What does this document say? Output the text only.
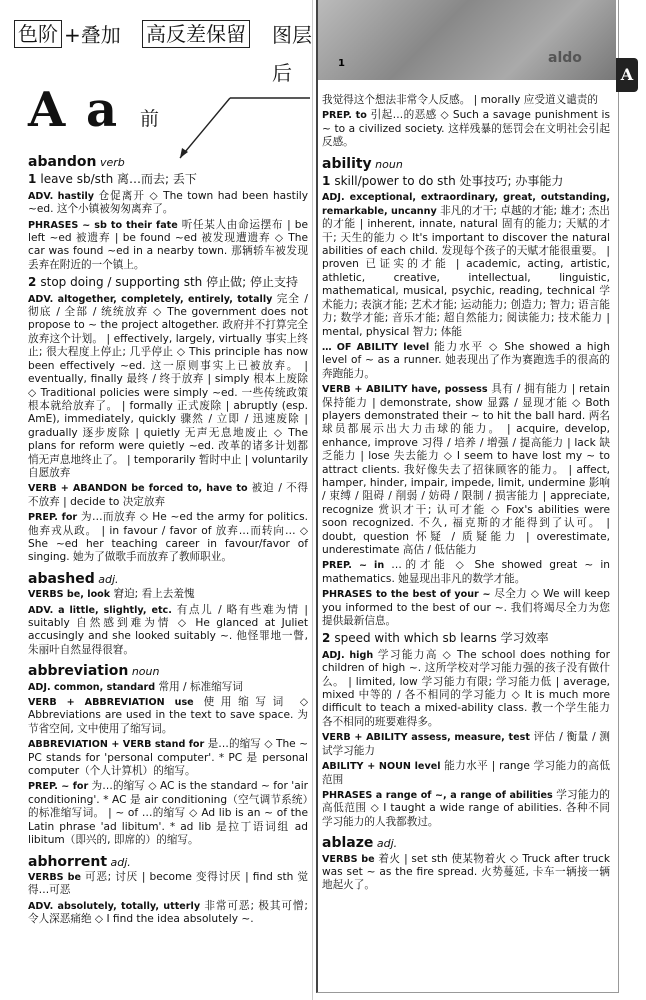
1	aldo
A
色阶 +叠加 高反差保留 图层
后
A a 前
abandon verb
1 leave sb/sth 离…而去; 丢下
ADV. hastily 仓促离开 ◇ The town had been hastily ~ed. 这个小镇被匆匆离弃了。
PHRASES ~ sb to their fate 听任某人由命运摆布 | be left ~ed 被遗弃 | be found ~ed 被发现遭遗弃 ◇ The car was found ~ed in a nearby town. 那辆轿车被发现丢弃在附近的一个镇上。
2 stop doing / supporting sth 停止做; 停止支持
ADV. altogether, completely, entirely, totally 完全 / 彻底 / 全部 / 统统放弃 ◇ The government does not propose to ~ the project altogether. 政府并不打算完全放弃这个计划。 | effectively, largely, virtually 事实上终止; 很大程度上停止; 几乎停止 ◇ This principle has now been effectively ~ed. 这一原则事实上已被放弃。 | eventually, finally 最终 / 终于放弃 | simply 根本上废除 ◇ Traditional policies were simply ~ed. 一些传统政策根本就给放弃了。 | formally 正式废除 | abruptly (esp. AmE), immediately, quickly 骤然 / 立即 / 迅速废除 | gradually 逐步废除 | quietly 无声无息地废止 ◇ The plans for reform were quietly ~ed. 改革的诸多计划都悄无声息地终止了。 | temporarily 暂时中止 | voluntarily 自愿放弃
VERB + ABANDON be forced to, have to 被迫 / 不得不放弃 | decide to 决定放弃
PREP. for 为…而放弃 ◇ He ~ed the army for politics. 他弃戎从政。 | in favour / favor of 放弃…而转向… ◇ She ~ed her teaching career in favour/favor of singing. 她为了做歌手而放弃了教师职业。
abashed adj.
VERBS be, look 窘迫; 看上去羞愧
ADV. a little, slightly, etc. 有点儿 / 略有些难为情 | suitably 自然感到难为情 ◇ He glanced at Juliet accusingly and she looked suitably ~. 他怪罪地一瞥, 朱丽叶自然显得很窘。
abbreviation noun
ADJ. common, standard 常用 / 标准缩写词
VERB + ABBREVIATION use 使用缩写词 ◇ Abbreviations are used in the text to save space. 为节省空间, 文中使用了缩写词。
ABBREVIATION + VERB stand for 是…的缩写 ◇ The ~ PC stands for 'personal computer'. * PC 是 personal computer（个人计算机）的缩写。
PREP. ~ for 为…的缩写 ◇ AC is the standard ~ for 'air conditioning'. * AC 是 air conditioning（空气调节系统）的标准缩写词。 | ~ of …的缩写 ◇ Ad lib is an ~ of the Latin phrase 'ad libitum'. * ad lib 是拉丁语词组 ad libitum（即兴的, 即席的）的缩写。
abhorrent adj.
VERBS be 可恶; 讨厌 | become 变得讨厌 | find sth 觉得…可恶
ADV. absolutely, totally, utterly 非常可恶; 极其可憎; 令人深恶痛绝 ◇ I find the idea absolutely ~.
我觉得这个想法非常令人反感。 | morally 应受道义谴责的
PREP. to 引起…的恶感 ◇ Such a savage punishment is ~ to a civilized society. 这样残暴的惩罚会在文明社会引起反感。
ability noun
1 skill/power to do sth 处事技巧; 办事能力
ADJ. exceptional, extraordinary, great, outstanding, remarkable, uncanny 非凡的才干; 卓越的才能; 雄才; 杰出的才能 | inherent, innate, natural 固有的能力; 天赋的才干; 天生的能力 ◇ It's important to discover the natural abilities of each child. 发现每个孩子的天赋才能很重要。 | proven 已证实的才能 | academic, acting, artistic, athletic, creative, intellectual, linguistic, mathematical, musical, psychic, reading, technical 学术能力; 表演才能; 艺术才能; 运动能力; 创造力; 智力; 语言能力; 数学才能; 音乐才能; 超自然能力; 阅读能力; 技术能力 | mental, physical 智力; 体能
… OF ABILITY level 能力水平 ◇ She showed a high level of ~ as a runner. 她表现出了作为赛跑选手的很高的奔跑能力。
VERB + ABILITY have, possess 具有 / 拥有能力 | retain 保持能力 | demonstrate, show 显露 / 显现才能 ◇ Both players demonstrated their ~ to hit the ball hard. 两名球员都展示出大力击球的能力。 | acquire, develop, enhance, improve 习得 / 培养 / 增强 / 提高能力 | lack 缺乏能力 | lose 失去能力 ◇ I seem to have lost my ~ to attract clients. 我好像失去了招徕顾客的能力。 | affect, hamper, hinder, impair, impede, limit, undermine 影响 / 束缚 / 阻碍 / 削弱 / 妨碍 / 限制 / 损害能力 | appreciate, recognize 赏识才干; 认可才能 ◇ Fox's abilities were soon recognized. 不久, 福克斯的才能得到了认可。 | doubt, question 怀疑 / 质疑能力 | overestimate, underestimate 高估 / 低估能力
PREP. ~ in …的才能 ◇ She showed great ~ in mathematics. 她显现出非凡的数学才能。
PHRASES to the best of your ~ 尽全力 ◇ We will keep you informed to the best of our ~. 我们将竭尽全力为您提供最新信息。
2 speed with which sb learns 学习效率
ADJ. high 学习能力高 ◇ The school does nothing for children of high ~. 这所学校对学习能力强的孩子没有做什么。 | limited, low 学习能力有限; 学习能力低 | average, mixed 中等的 / 各不相同的学习能力 ◇ It is much more difficult to teach a mixed-ability class. 教一个学生能力各不相同的班要难得多。
VERB + ABILITY assess, measure, test 评估 / 衡量 / 测试学习能力
ABILITY + NOUN level 能力水平 | range 学习能力的高低范围
PHRASES a range of ~, a range of abilities 学习能力的高低范围 ◇ I taught a wide range of abilities. 各种不同学习能力的人我都教过。
ablaze adj.
VERBS be 着火 | set sth 使某物着火 ◇ Truck after truck was set ~ as the fire spread. 火势蔓延, 卡车一辆接一辆地起火了。
